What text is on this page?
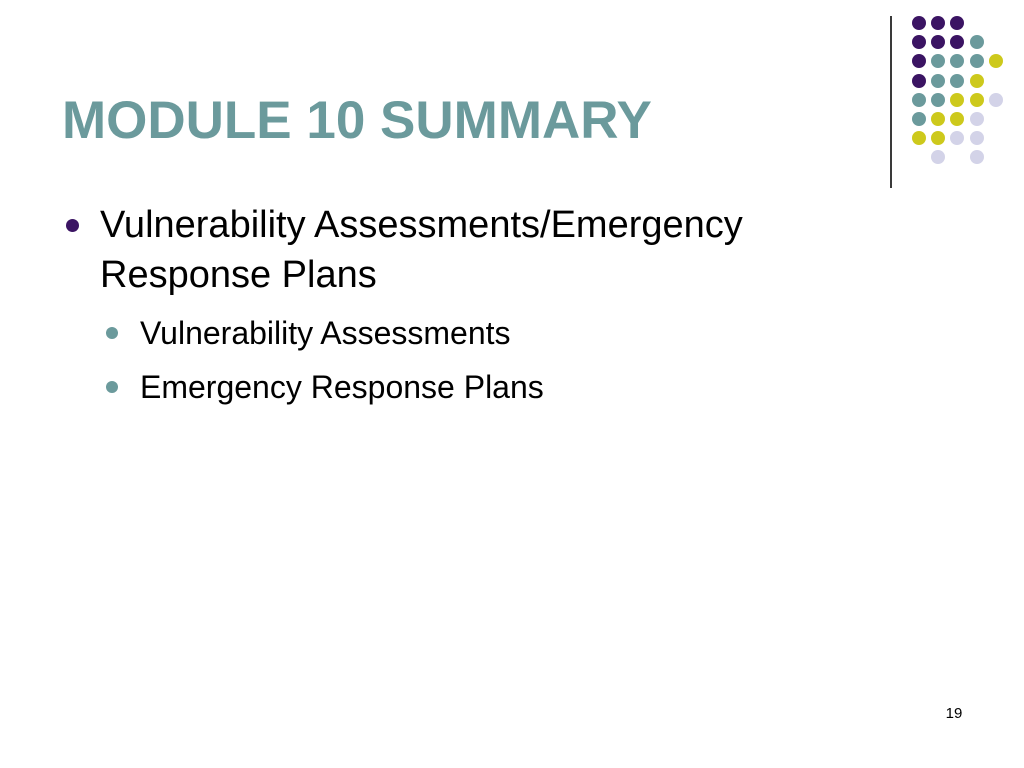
MODULE 10 SUMMARY
Vulnerability Assessments/Emergency Response Plans
Vulnerability Assessments
Emergency Response Plans
19
